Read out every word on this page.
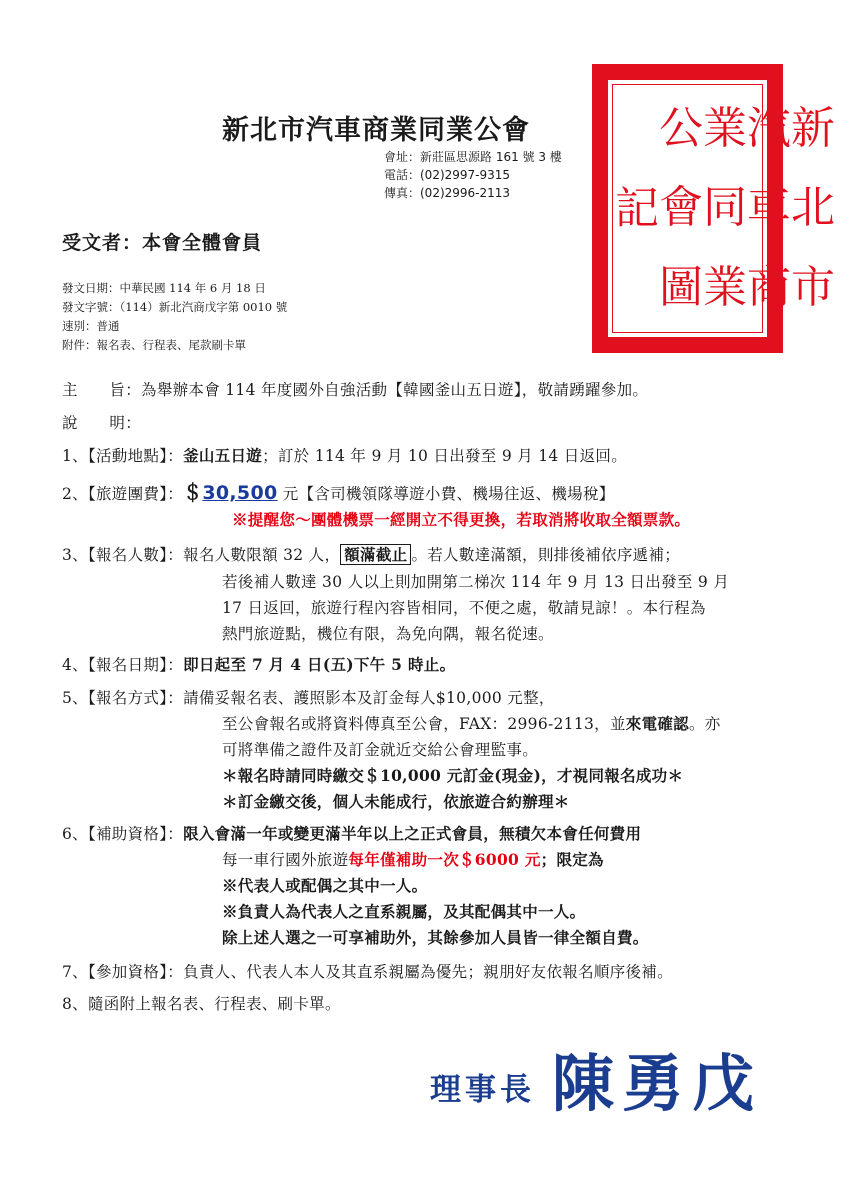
新北市汽車商業同業公會
會址：新莊區思源路 161 號 3 樓
電話：(02)2997-9315
傳真：(02)2996-2113
新
北
市
汽
車
商
業
同
業
公
會
圖
記
受文者：本會全體會員
發文日期：中華民國 114 年 6 月 18 日
發文字號：（114）新北汽商戊字第 0010 號
速別：普通
附件：報名表、行程表、尾款刷卡單
主　　旨：為舉辦本會 114 年度國外自強活動【韓國釜山五日遊】，敬請踴躍參加。
說　　明：
1、【活動地點】：釜山五日遊；訂於 114 年 9 月 10 日出發至 9 月 14 日返回。
2、【旅遊團費】：＄30,500 元【含司機領隊導遊小費、機場往返、機場稅】
※提醒您～團體機票一經開立不得更換，若取消將收取全額票款。
3、【報名人數】：報名人數限額 32 人， 額滿截止 。若人數達滿額，則排後補依序遞補；
若後補人數達 30 人以上則加開第二梯次 114 年 9 月 13 日出發至 9 月
17 日返回，旅遊行程內容皆相同，不便之處，敬請見諒！。本行程為
熱門旅遊點，機位有限，為免向隅，報名從速。
4、【報名日期】：即日起至 7 月 4 日(五)下午 5 時止。
5、【報名方式】：請備妥報名表、護照影本及訂金每人$10,000 元整，
至公會報名或將資料傳真至公會，FAX：2996-2113，並來電確認。亦
可將準備之證件及訂金就近交給公會理監事。
＊報名時請同時繳交＄10,000 元訂金(現金)，才視同報名成功＊
＊訂金繳交後，個人未能成行，依旅遊合約辦理＊
6、【補助資格】：限入會滿一年或變更滿半年以上之正式會員，無積欠本會任何費用
每一車行國外旅遊每年僅補助一次＄6000 元；限定為
※代表人或配偶之其中一人。
※負責人為代表人之直系親屬，及其配偶其中一人。
除上述人選之一可享補助外，其餘參加人員皆一律全額自費。
7、【參加資格】：負責人、代表人本人及其直系親屬為優先；親朋好友依報名順序後補。
8、隨函附上報名表、行程表、刷卡單。
理事長 陳勇戊
